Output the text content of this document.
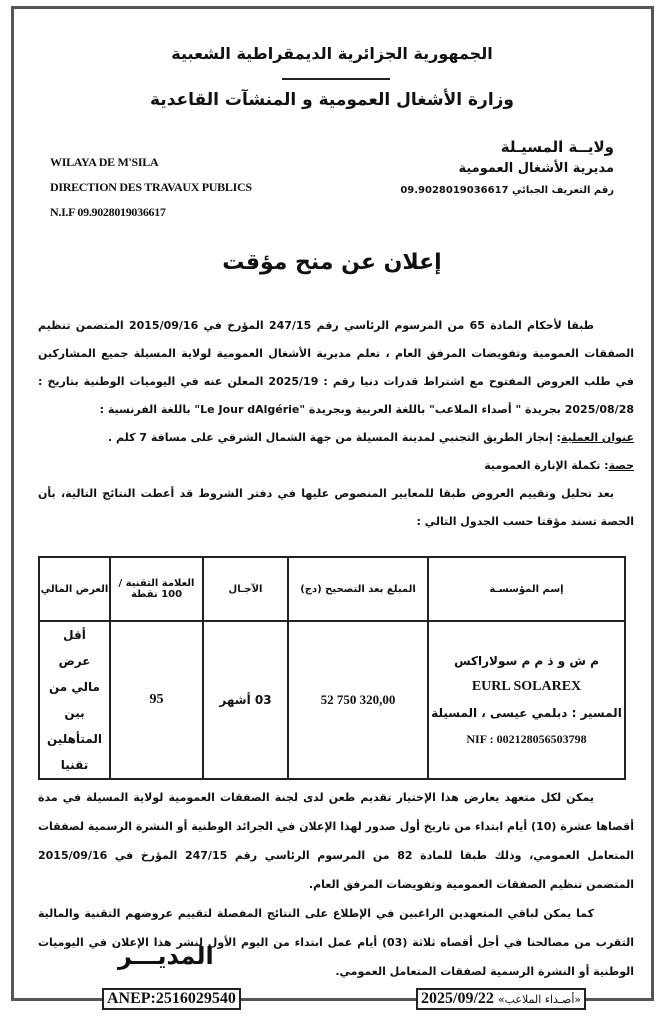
الجمهورية الجزائرية الديمقراطية الشعبية
وزارة الأشغال العمومية و المنشآت القاعدية
WILAYA DE M'SILA
DIRECTION DES TRAVAUX PUBLICS
N.I.F 09.9028019036617
ولايــة المسيـلة
مديرية الأشغال العمومية
رقم التعريف الجبائي 09.9028019036617
إعلان عن منح مؤقت
طبقا لأحكام المادة 65 من المرسوم الرئاسي رقم 247/15 المؤرخ في 2015/09/16 المتضمن تنظيم الصفقات العمومية وتفويضات المرفق العام ، تعلم مديرية الأشغال العمومية لولاية المسيلة جميع المشاركين في طلب العروض المفتوح مع اشتراط قدرات دنيا رقم : 2025/19 المعلن عنه في اليوميات الوطنية بتاريخ : 2025/08/28 بجريدة " أصداء الملاعب" باللغة العربية وبجريدة "Le Jour dAlgérie" باللغة الفرنسية :
عنوان العملية: إنجاز الطريق التجنبي لمدينة المسيلة من جهة الشمال الشرقي على مسافة 7 كلم .
حصة: تكملة الإنارة العمومية
بعد تحليل وتقييم العروض طبقا للمعايير المنصوص عليها في دفتر الشروط قد أعطت النتائج التالية، بأن الحصة تسند مؤقتا حسب الجدول التالي :
إسم المؤسسـة	المبلغ بعد التصحيح (دج)	الآجـال	العلامة التقنية / 100 نقطة	العرض المالي

م ش و ذ م م سولاراكس
EURL SOLAREX
المسير : دبلمي عيسى ، المسيلة
NIF : 002128056503798	52 750 320,00	03 أشهر	95	أقل عرض مالي من بين المتأهلين تقنيا
يمكن لكل متعهد يعارض هذا الإختيار تقديم طعن لدى لجنة الصفقات العمومية لولاية المسيلة في مدة أقصاها عشرة (10) أيام ابتداء من تاريخ أول صدور لهذا الإعلان في الجرائد الوطنية أو النشرة الرسمية لصفقات المتعامل العمومي، وذلك طبقا للمادة 82 من المرسوم الرئاسي رقم 247/15 المؤرخ في 2015/09/16 المتضمن تنظيم الصفقات العمومية وتفويضات المرفق العام.
كما يمكن لباقي المتعهدين الراغبين في الإطلاع على النتائج المفصلة لتقييم عروضهم التقنية والمالية التقرب من مصالحنا في أجل أقصاه ثلاثة (03) أيام عمل ابتداء من اليوم الأول لنشر هذا الإعلان في اليوميات الوطنية أو النشرة الرسمية لصفقات المتعامل العمومي.
المديـــر
ANEP:2516029540	«أصـداء الملاعب» 2025/09/22
